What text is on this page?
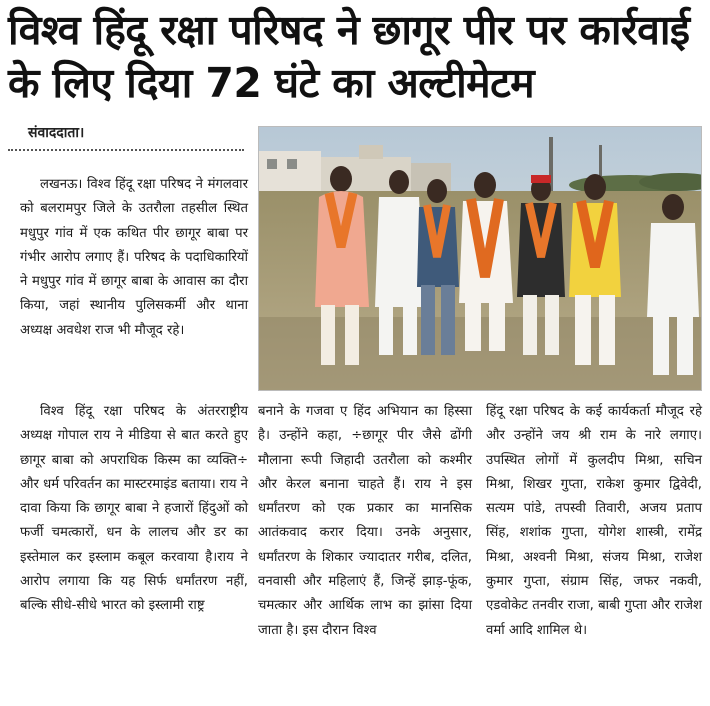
विश्व हिंदू रक्षा परिषद ने छागूर पीर पर कार्रवाई के लिए दिया 72 घंटे का अल्टीमेटम
संवाददाता।

लखनऊ। विश्व हिंदू रक्षा परिषद ने मंगलवार को बलरामपुर जिले के उतरौला तहसील स्थित मधुपुर गांव में एक कथित पीर छागूर बाबा पर गंभीर आरोप लगाए हैं। परिषद के पदाधिकारियों ने मधुपुर गांव में छागूर बाबा के आवास का दौरा किया, जहां स्थानीय पुलिसकर्मी और थाना अध्यक्ष अवधेश राज भी मौजूद रहे।

विश्व हिंदू रक्षा परिषद के अंतरराष्ट्रीय अध्यक्ष गोपाल राय ने मीडिया से बात करते हुए छागूर बाबा को अपराधिक किस्म का व्यक्ति÷ और धर्म परिवर्तन का मास्टरमाइंड बताया। राय ने दावा किया कि छागूर बाबा ने हजारों हिंदुओं को फर्जी चमत्कारों, धन के लालच और डर का इस्तेमाल कर इस्लाम कबूल करवाया है।राय ने आरोप लगाया कि यह सिर्फ धर्मांतरण नहीं, बल्कि सीधे-सीधे भारत को इस्लामी राष्ट्र

बनाने के गजवा ए हिंद अभियान का हिस्सा है। उन्होंने कहा, ÷छागूर पीर जैसे ढोंगी मौलाना रूपी जिहादी उतरौला को कश्मीर और केरल बनाना चाहते हैं। राय ने इस धर्मांतरण को एक प्रकार का मानसिक आतंकवाद करार दिया। उनके अनुसार, धर्मांतरण के शिकार ज्यादातर गरीब, दलित, वनवासी और महिलाएं हैं, जिन्हें झाड़-फूंक, चमत्कार और आर्थिक लाभ का झांसा दिया जाता है। इस दौरान विश्व

हिंदू रक्षा परिषद के कई कार्यकर्ता मौजूद रहे और उन्होंने जय श्री राम के नारे लगाए। उपस्थित लोगों में कुलदीप मिश्रा, सचिन मिश्रा, शिखर गुप्ता, राकेश कुमार द्विवेदी, सत्यम पांडे, तपस्वी तिवारी, अजय प्रताप सिंह, शशांक गुप्ता, योगेश शास्त्री, रामेंद्र मिश्रा, अश्वनी मिश्रा, संजय मिश्रा, राजेश कुमार गुप्ता, संग्राम सिंह, जफर नकवी, एडवोकेट तनवीर राजा, बाबी गुप्ता और राजेश वर्मा आदि शामिल थे।
